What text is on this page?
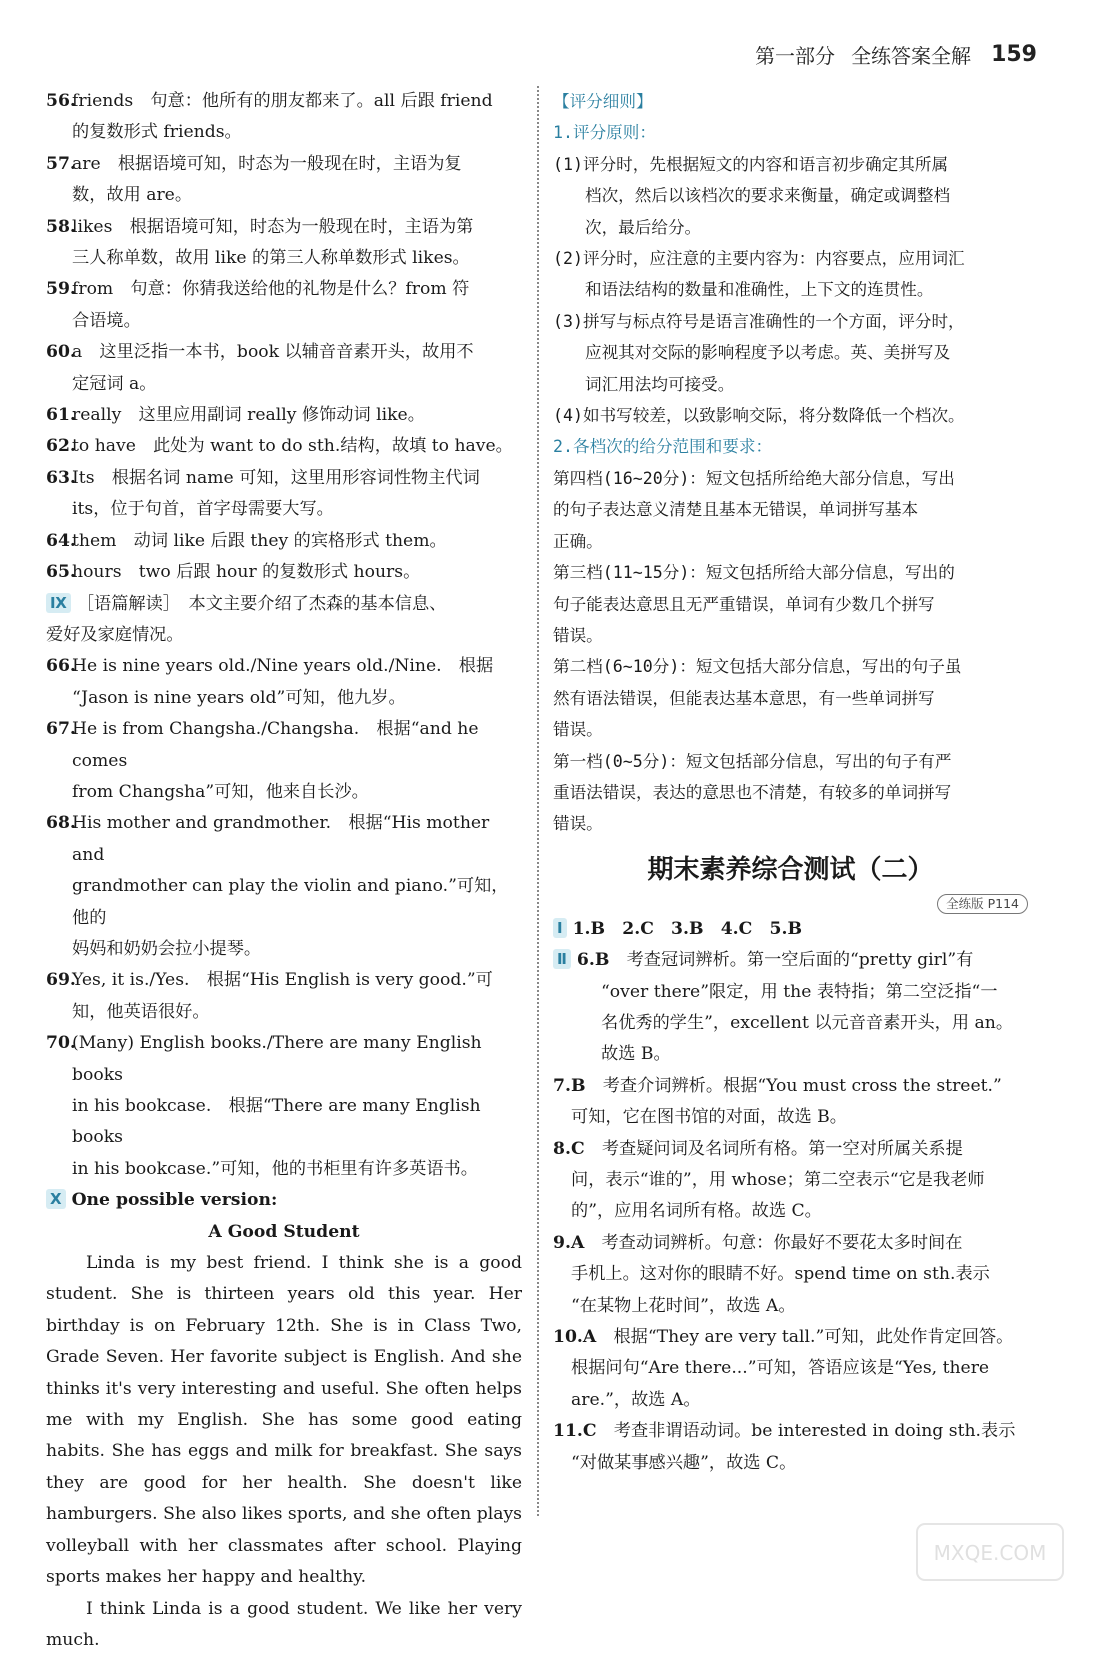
第一部分 全练答案全解 159
56.
friends　句意：他所有的朋友都来了。all 后跟 friend
的复数形式 friends。
57.
are　根据语境可知，时态为一般现在时，主语为复
数，故用 are。
58.
likes　根据语境可知，时态为一般现在时，主语为第
三人称单数，故用 like 的第三人称单数形式 likes。
59.
from　句意：你猜我送给他的礼物是什么？from 符
合语境。
60.
a　这里泛指一本书，book 以辅音音素开头，故用不
定冠词 a。
61.
really　这里应用副词 really 修饰动词 like。
62.
to have　此处为 want to do sth.结构，故填 to have。
63.
Its　根据名词 name 可知，这里用形容词性物主代词
its，位于句首，首字母需要大写。
64.
them　动词 like 后跟 they 的宾格形式 them。
65.
hours　two 后跟 hour 的复数形式 hours。
Ⅸ ［语篇解读］　本文主要介绍了杰森的基本信息、
爱好及家庭情况。
66.
He is nine years old./Nine years old./Nine.　根据
“Jason is nine years old”可知，他九岁。
67.
He is from Changsha./Changsha.　根据“and he comes
from Changsha”可知，他来自长沙。
68.
His mother and grandmother.　根据“His mother and
grandmother can play the violin and piano.”可知，他的
妈妈和奶奶会拉小提琴。
69.
Yes, it is./Yes.　根据“His English is very good.”可
知，他英语很好。
70.
(Many) English books./There are many English books
in his bookcase.　根据“There are many English books
in his bookcase.”可知，他的书柜里有许多英语书。
Ⅹ One possible version:
A Good Student

Linda is my best friend. I think she is a good student. She is thirteen years old this year. Her birthday is on February 12th. She is in Class Two, Grade Seven. Her favorite subject is English. And she thinks it's very interesting and useful. She often helps me with my English. She has some good eating habits. She has eggs and milk for breakfast. She says they are good for her health. She doesn't like hamburgers. She also likes sports, and she often plays volleyball with her classmates after school. Playing sports makes her happy and healthy.

I think Linda is a good student. We like her very much.

【评分细则】
1.评分原则：
(1)评分时，先根据短文的内容和语言初步确定其所属
档次，然后以该档次的要求来衡量，确定或调整档
次，最后给分。
(2)评分时，应注意的主要内容为：内容要点，应用词汇
和语法结构的数量和准确性，上下文的连贯性。
(3)拼写与标点符号是语言准确性的一个方面，评分时，
应视其对交际的影响程度予以考虑。英、美拼写及
词汇用法均可接受。
(4)如书写较差，以致影响交际，将分数降低一个档次。
2.各档次的给分范围和要求：
第四档(16~20分)：短文包括所给绝大部分信息，写出
的句子表达意义清楚且基本无错误，单词拼写基本
正确。
第三档(11~15分)：短文包括所给大部分信息，写出的
句子能表达意思且无严重错误，单词有少数几个拼写
错误。
第二档(6~10分)：短文包括大部分信息，写出的句子虽
然有语法错误，但能表达基本意思，有一些单词拼写
错误。
第一档(0~5分)：短文包括部分信息，写出的句子有严
重语法错误，表达的意思也不清楚，有较多的单词拼写
错误。
期末素养综合测试（二）
全练版 P114
Ⅰ 1.B　2.C　3.B　4.C　5.B
Ⅱ 6.B　 考查冠词辨析。第一空后面的“pretty girl”有
“over there”限定，用 the 表特指；第二空泛指“一
名优秀的学生”，excellent 以元音音素开头，用 an。
故选 B。
7.B　 考查介词辨析。根据“You must cross the street.”
可知，它在图书馆的对面，故选 B。
8.C　 考查疑问词及名词所有格。第一空对所属关系提
问，表示“谁的”，用 whose；第二空表示“它是我老师
的”，应用名词所有格。故选 C。
9.A　 考查动词辨析。句意：你最好不要花太多时间在
手机上。这对你的眼睛不好。spend time on sth.表示
“在某物上花时间”，故选 A。
10.A　 根据“They are very tall.”可知，此处作肯定回答。
根据问句“Are there...”可知，答语应该是“Yes, there
are.”，故选 A。
11.C　 考查非谓语动词。be interested in doing sth.表示
“对做某事感兴趣”，故选 C。
MXQE.COM
